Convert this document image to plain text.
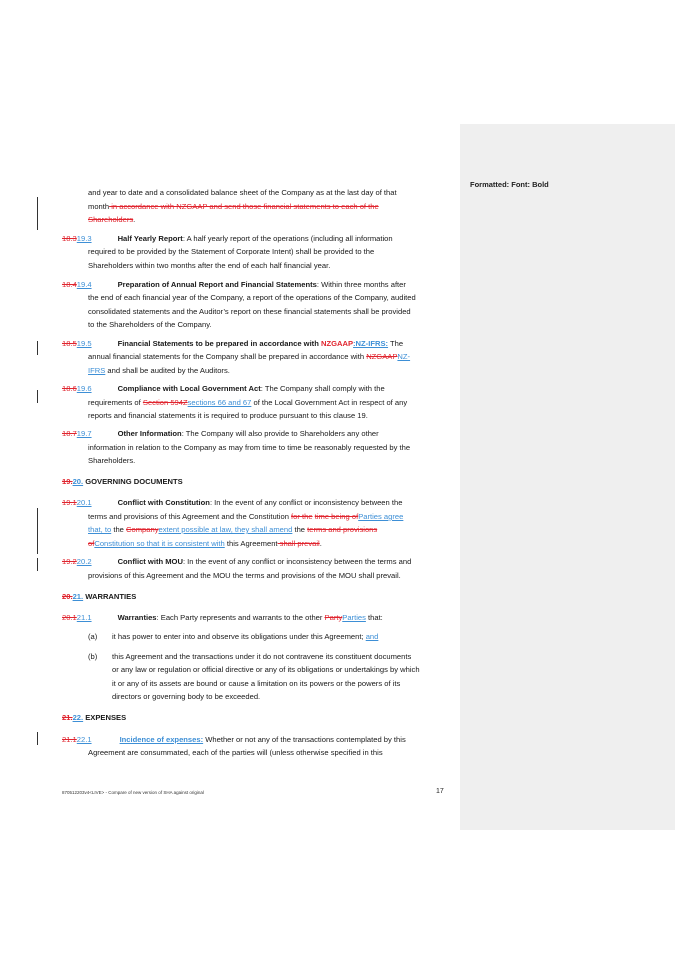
and year to date and a consolidated balance sheet of the Company as at the last day of that
month in accordance with NZGAAP and send those financial statements to each of the
Shareholders.
18.319.3	Half Yearly Report: A half yearly report of the operations (including all information
required to be provided by the Statement of Corporate Intent) shall be provided to the
Shareholders within two months after the end of each half financial year.
18.419.4	Preparation of Annual Report and Financial Statements: Within three months after
the end of each financial year of the Company, a report of the operations of the Company, audited
consolidated statements and the Auditor’s report on these financial statements shall be provided
to the Shareholders of the Company.
18.519.5	Financial Statements to be prepared in accordance with NZGAAP:NZ-IFRS: The
annual financial statements for the Company shall be prepared in accordance with NZGAAPNZ-
IFRS and shall be audited by the Auditors.
18.619.6	Compliance with Local Government Act: The Company shall comply with the
requirements of Section 594Zsections 66 and 67 of the Local Government Act in respect of any
reports and financial statements it is required to produce pursuant to this clause 19.
18.719.7	Other Information: The Company will also provide to Shareholders any other
information in relation to the Company as may from time to time be reasonably requested by the
Shareholders.
19.20. GOVERNING DOCUMENTS
19.120.1	Conflict with Constitution: In the event of any conflict or inconsistency between the
terms and provisions of this Agreement and the Constitution for the time being ofParties agree
that, to the Companyextent possible at law, they shall amend the terms and provisions
ofConstitution so that it is consistent with this Agreement shall prevail.
19.220.2	Conflict with MOU: In the event of any conflict or inconsistency between the terms and
provisions of this Agreement and the MOU the terms and provisions of the MOU shall prevail.
20.21. WARRANTIES
20.121.1	Warranties: Each Party represents and warrants to the other PartyParties that:
(a) it has power to enter into and observe its obligations under this Agreement; and
(b) this Agreement and the transactions under it do not contravene its constituent documents
or any law or regulation or official directive or any of its obligations or undertakings by which
it or any of its assets are bound or cause a limitation on its powers or the powers of its
directors or governing body to be exceeded.
21.22. EXPENSES
21.122.1	Incidence of expenses: Whether or not any of the transactions contemplated by this
Agreement are consummated, each of the parties will (unless otherwise specified in this
870512203v4<LIVE> - Compare of new version of SHA against original	17
Formatted: Font: Bold
